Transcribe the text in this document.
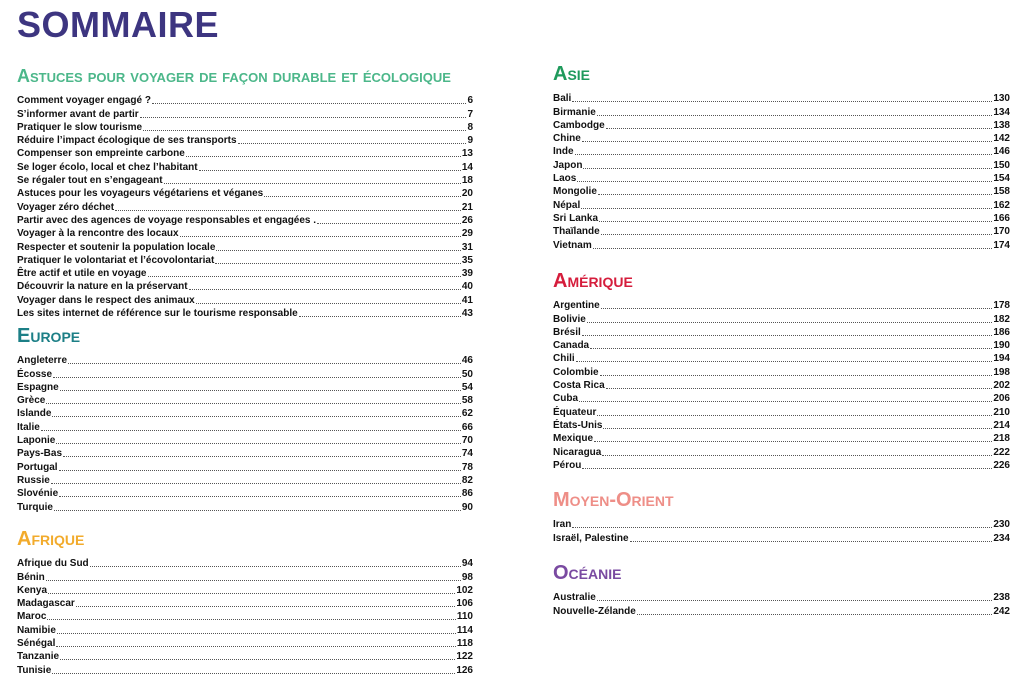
SOMMAIRE
Astuces pour voyager de façon durable et écologique
Comment voyager engagé ?	6
S’informer avant de partir	7
Pratiquer le slow tourisme	8
Réduire l’impact écologique de ses transports	9
Compenser son empreinte carbone	13
Se loger écolo, local et chez l’habitant	14
Se régaler tout en s’engageant	18
Astuces pour les voyageurs végétariens et véganes	20
Voyager zéro déchet	21
Partir avec des agences de voyage responsables et engagées .	26
Voyager à la rencontre des locaux	29
Respecter et soutenir la population locale	31
Pratiquer le volontariat et l’écovolontariat	35
Être actif et utile en voyage	39
Découvrir la nature en la préservant	40
Voyager dans le respect des animaux	41
Les sites internet de référence sur le tourisme responsable	43
Europe
Angleterre	46
Écosse	50
Espagne	54
Grèce	58
Islande	62
Italie	66
Laponie	70
Pays-Bas	74
Portugal	78
Russie	82
Slovénie	86
Turquie	90
Afrique
Afrique du Sud	94
Bénin	98
Kenya	102
Madagascar	106
Maroc	110
Namibie	114
Sénégal	118
Tanzanie	122
Tunisie	126
Asie
Bali	130
Birmanie	134
Cambodge	138
Chine	142
Inde	146
Japon	150
Laos	154
Mongolie	158
Népal	162
Sri Lanka	166
Thaïlande	170
Vietnam	174
Amérique
Argentine	178
Bolivie	182
Brésil	186
Canada	190
Chili	194
Colombie	198
Costa Rica	202
Cuba	206
Équateur	210
États-Unis	214
Mexique	218
Nicaragua	222
Pérou	226
Moyen-Orient
Iran	230
Israël, Palestine	234
Océanie
Australie	238
Nouvelle-Zélande	242
